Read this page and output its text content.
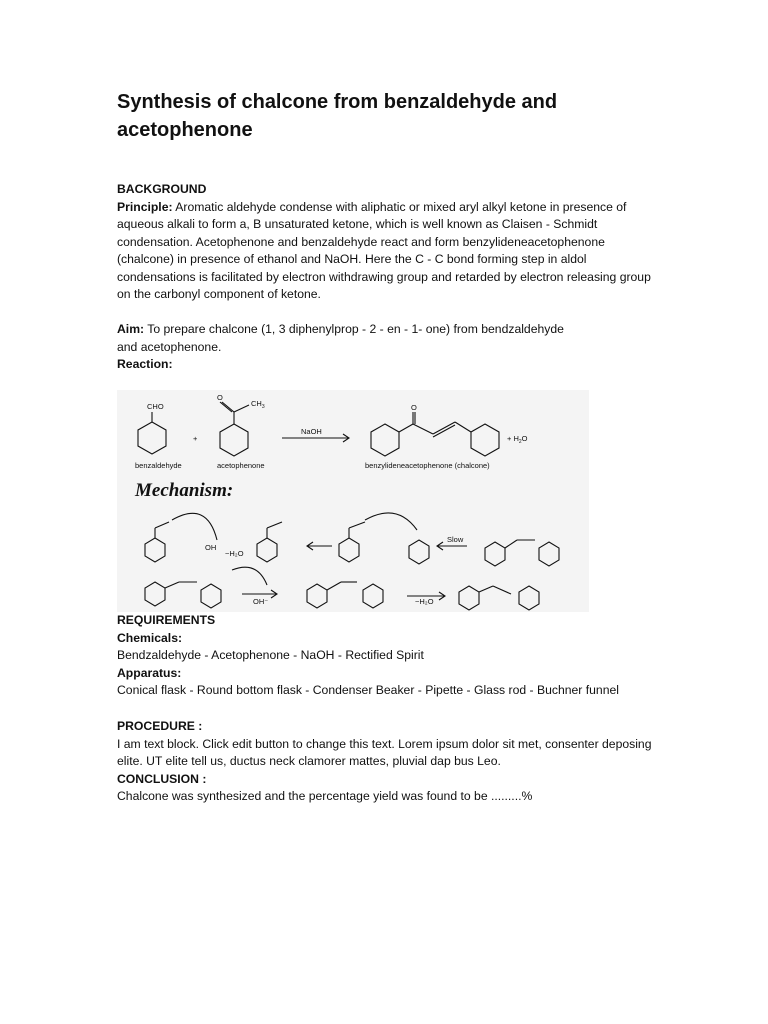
Synthesis of chalcone from benzaldehyde and acetophenone

BACKGROUND

Principle: Aromatic aldehyde condense with aliphatic or mixed aryl alkyl ketone in presence of aqueous alkali to form a, B unsaturated ketone, which is well known as Claisen - Schmidt condensation. Acetophenone and benzaldehyde react and form benzylideneacetophenone (chalcone) in presence of ethanol and NaOH. Here the C - C bond forming step in aldol condensations is facilitated by electron withdrawing group and retarded by electron releasing group on the carbonyl component of ketone.

Aim: To prepare chalcone (1, 3 diphenylprop - 2 - en - 1- one) from bendzaldehyde

and acetophenone.

Reaction:

CHO	$CH_3$
O
O
+
NaOH
+ $H_2O$
benzaldehyde	acetophenone	benzylideneacetophenone (chalcone)
Mechanism:
OH
−H₂O
Slow
OH⁻	−H₂O

REQUIREMENTS

Chemicals:

Bendzaldehyde - Acetophenone - NaOH - Rectified Spirit

Apparatus:

Conical flask - Round bottom flask - Condenser Beaker - Pipette - Glass rod - Buchner funnel

PROCEDURE :

I am text block. Click edit button to change this text. Lorem ipsum dolor sit met, consenter deposing elite. UT elite tell us, ductus neck clamorer mattes, pluvial dap bus Leo.

CONCLUSION :

Chalcone was synthesized and the percentage yield was found to be .........%
